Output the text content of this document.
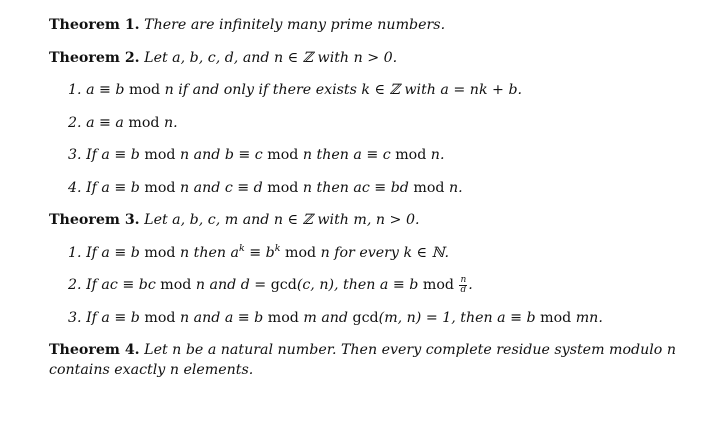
Theorem 1. There are infinitely many prime numbers.
Theorem 2. Let a, b, c, d, and n ∈ ℤ with n > 0.
1. a ≡ b mod n if and only if there exists k ∈ ℤ with a = nk + b.
2. a ≡ a mod n.
3. If a ≡ b mod n and b ≡ c mod n then a ≡ c mod n.
4. If a ≡ b mod n and c ≡ d mod n then ac ≡ bd mod n.
Theorem 3. Let a, b, c, m and n ∈ ℤ with m, n > 0.
1. If a ≡ b mod n then $a^k \equiv b^k$ mod n for every k ∈ ℕ.
2. If ac ≡ bc mod n and d = gcd(c, n), then a ≡ b mod $\frac{n}{d}$ .
3. If a ≡ b mod n and a ≡ b mod m and gcd(m, n) = 1, then a ≡ b mod mn.
Theorem 4. Let n be a natural number. Then every complete residue system modulo n
contains exactly n elements.
